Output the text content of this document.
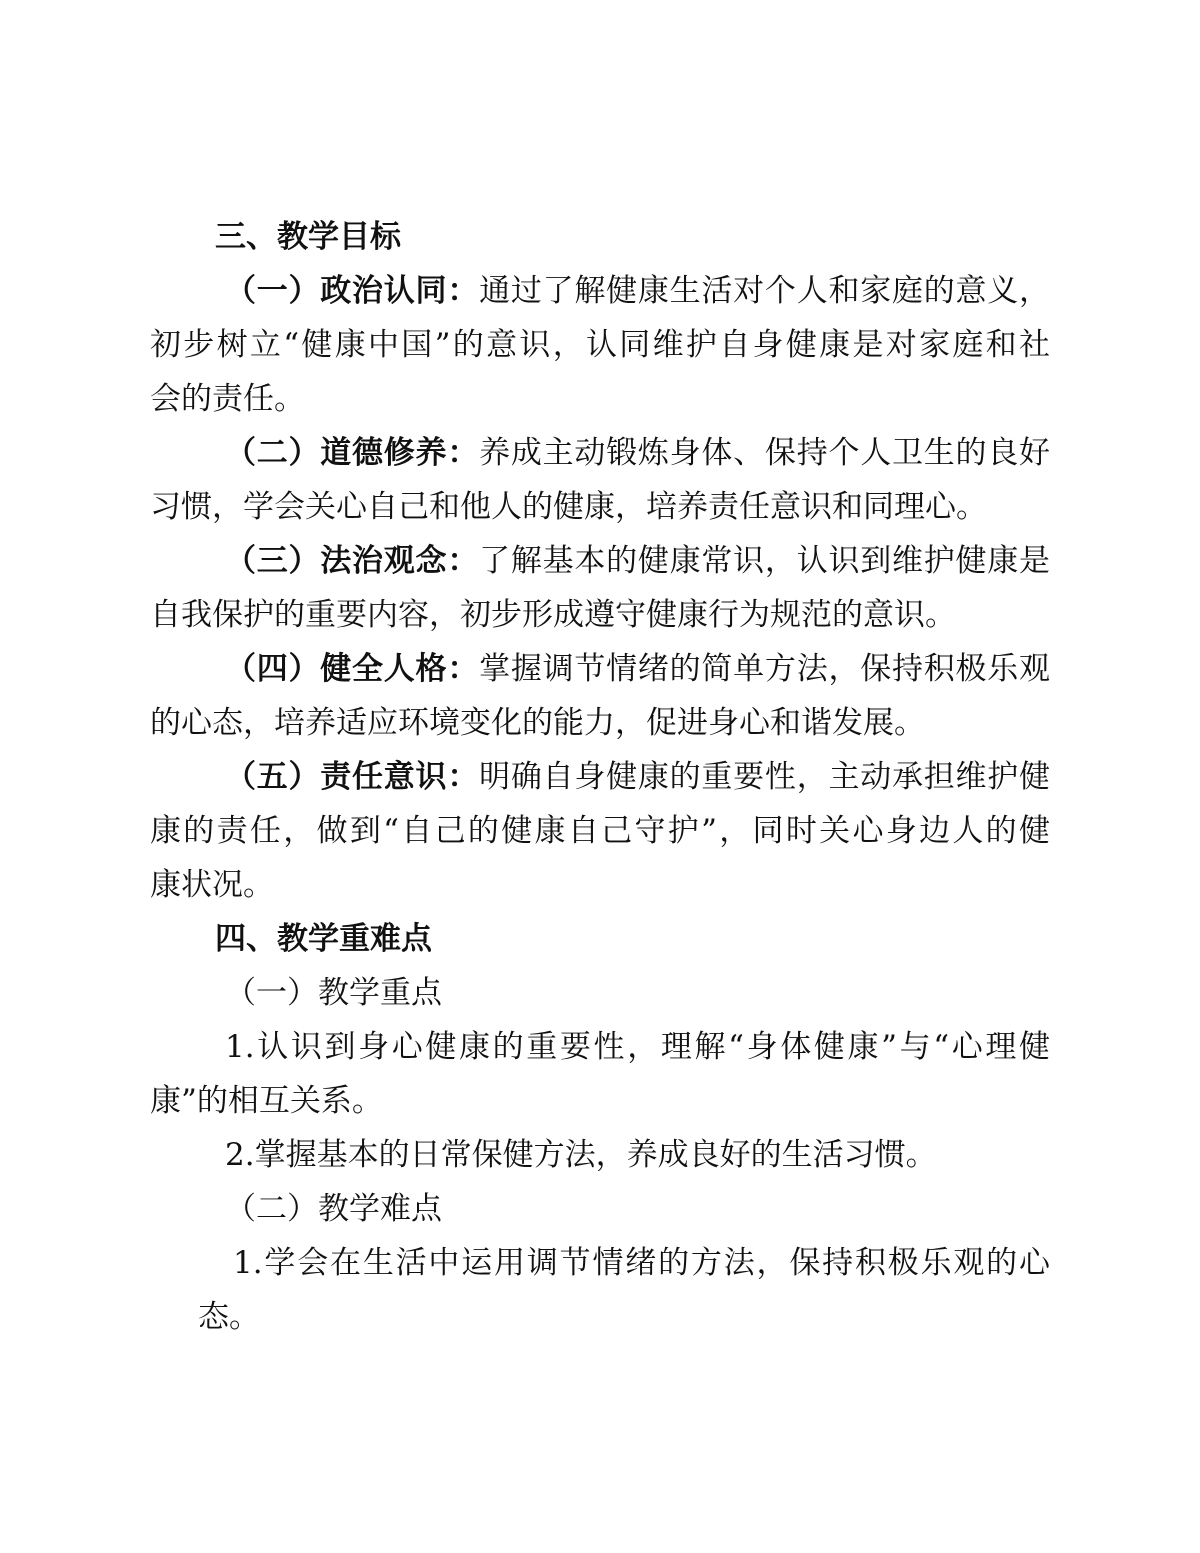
三、教学目标
（一）政治认同：通过了解健康生活对个人和家庭的意义，
初步树立“健康中国”的意识，认同维护自身健康是对家庭和社
会的责任。
（二）道德修养：养成主动锻炼身体、保持个人卫生的良好
习惯，学会关心自己和他人的健康，培养责任意识和同理心。
（三）法治观念：了解基本的健康常识，认识到维护健康是
自我保护的重要内容，初步形成遵守健康行为规范的意识。
（四）健全人格：掌握调节情绪的简单方法，保持积极乐观
的心态，培养适应环境变化的能力，促进身心和谐发展。
（五）责任意识：明确自身健康的重要性，主动承担维护健
康的责任，做到“自己的健康自己守护”，同时关心身边人的健
康状况。
四、教学重难点
（一）教学重点
1.认识到身心健康的重要性，理解“身体健康”与“心理健
康”的相互关系。
2.掌握基本的日常保健方法，养成良好的生活习惯。
（二）教学难点
1.学会在生活中运用调节情绪的方法，保持积极乐观的心
态。
